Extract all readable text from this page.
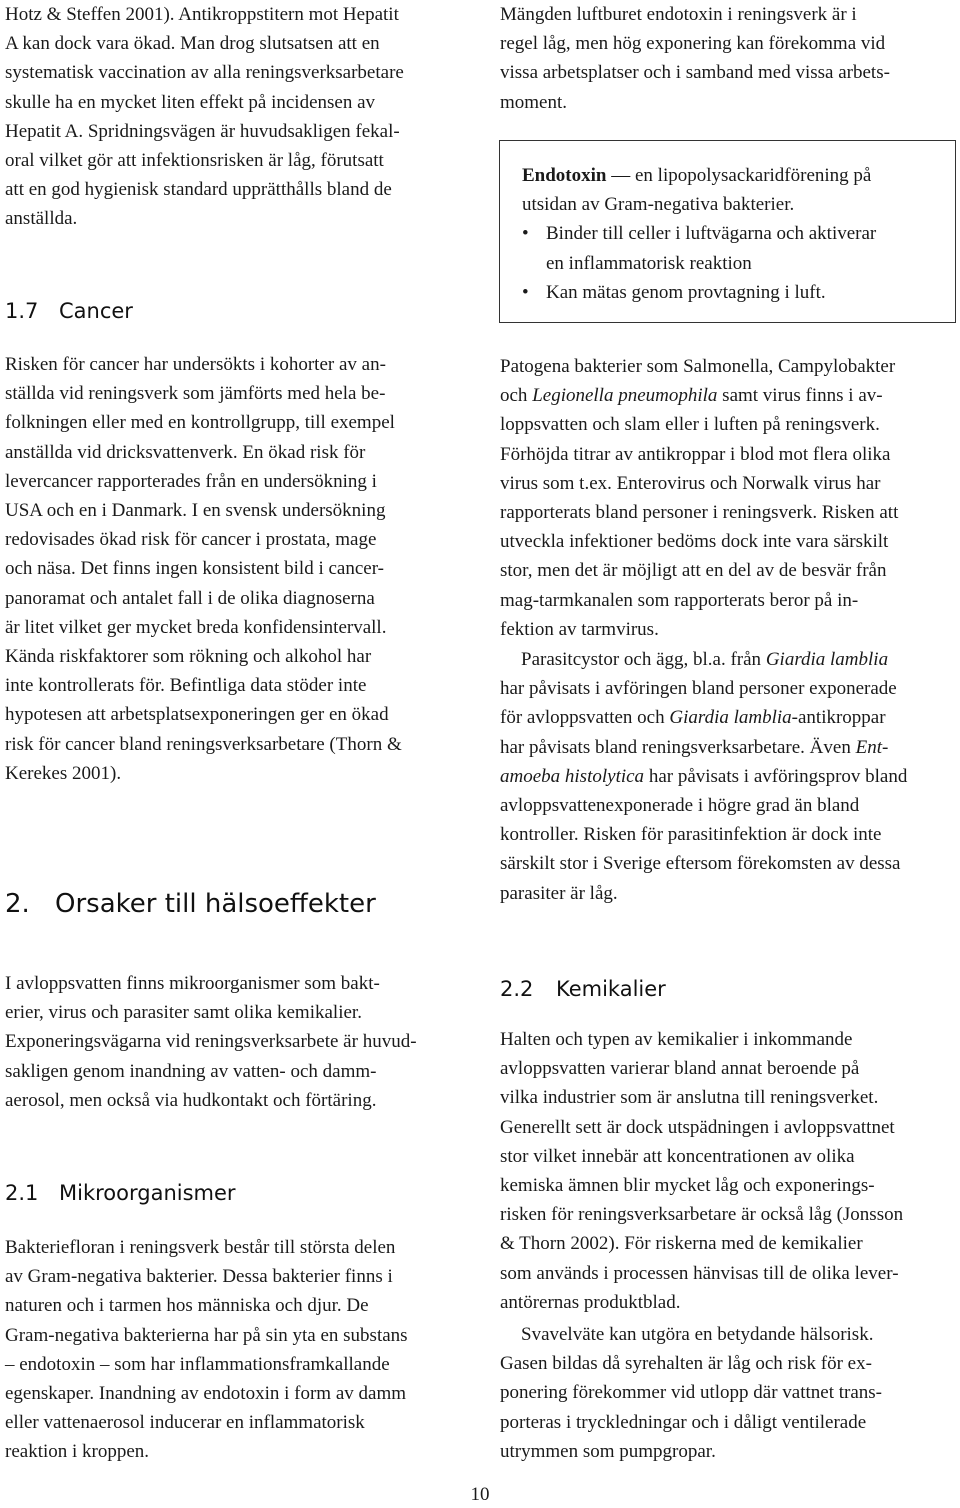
Hotz & Steffen 2001). Antikroppstitern mot Hepatit
A kan dock vara ökad. Man drog slutsatsen att en
systematisk vaccination av alla reningsverksarbetare
skulle ha en mycket liten effekt på incidensen av
Hepatit A. Spridningsvägen är huvudsakligen fekal-
oral vilket gör att infektionsrisken är låg, förutsatt
att en god hygienisk standard upprätthålls bland de
anställda.

1.7 Cancer

Risken för cancer har undersökts i kohorter av an-
ställda vid reningsverk som jämförts med hela be-
folkningen eller med en kontrollgrupp, till exempel
anställda vid dricksvattenverk. En ökad risk för
levercancer rapporterades från en undersökning i
USA och en i Danmark. I en svensk undersökning
redovisades ökad risk för cancer i prostata, mage
och näsa. Det finns ingen konsistent bild i cancer-
panoramat och antalet fall i de olika diagnoserna
är litet vilket ger mycket breda konfidensintervall.
Kända riskfaktorer som rökning och alkohol har
inte kontrollerats för. Befintliga data stöder inte
hypotesen att arbetsplatsexponeringen ger en ökad
risk för cancer bland reningsverksarbetare (Thorn &
Kerekes 2001).

2. Orsaker till hälsoeffekter

I avloppsvatten finns mikroorganismer som bakt-
erier, virus och parasiter samt olika kemikalier.
Exponeringsvägarna vid reningsverksarbete är huvud-
sakligen genom inandning av vatten- och damm-
aerosol, men också via hudkontakt och förtäring.

2.1 Mikroorganismer

Bakteriefloran i reningsverk består till största delen
av Gram-negativa bakterier. Dessa bakterier finns i
naturen och i tarmen hos människa och djur. De
Gram-negativa bakterierna har på sin yta en substans
– endotoxin – som har inflammationsframkallande
egenskaper. Inandning av endotoxin i form av damm
eller vattenaerosol inducerar en inflammatorisk
reaktion i kroppen.

Mängden luftburet endotoxin i reningsverk är i
regel låg, men hög exponering kan förekomma vid
vissa arbetsplatser och i samband med vissa arbets-
moment.

Endotoxin — en lipopolysackaridförening på

utsidan av Gram-negativa bakterier.

• Binder till celler i luftvägarna och aktiverar
en inflammatorisk reaktion
• Kan mätas genom provtagning i luft.

Patogena bakterier som Salmonella, Campylobakter
och Legionella pneumophila samt virus finns i av-
loppsvatten och slam eller i luften på reningsverk.
Förhöjda titrar av antikroppar i blod mot flera olika
virus som t.ex. Enterovirus och Norwalk virus har
rapporterats bland personer i reningsverk. Risken att
utveckla infektioner bedöms dock inte vara särskilt
stor, men det är möjligt att en del av de besvär från
mag-tarmkanalen som rapporterats beror på in-
fektion av tarmvirus.

Parasitcystor och ägg, bl.a. från Giardia lamblia
har påvisats i avföringen bland personer exponerade
för avloppsvatten och Giardia lamblia-antikroppar
har påvisats bland reningsverksarbetare. Även Ent-
amoeba histolytica har påvisats i avföringsprov bland
avloppsvattenexponerade i högre grad än bland
kontroller. Risken för parasitinfektion är dock inte
särskilt stor i Sverige eftersom förekomsten av dessa
parasiter är låg.

2.2 Kemikalier

Halten och typen av kemikalier i inkommande
avloppsvatten varierar bland annat beroende på
vilka industrier som är anslutna till reningsverket.
Generellt sett är dock utspädningen i avloppsvattnet
stor vilket innebär att koncentrationen av olika
kemiska ämnen blir mycket låg och exponerings-
risken för reningsverksarbetare är också låg (Jonsson
& Thorn 2002). För riskerna med de kemikalier
som används i processen hänvisas till de olika lever-
antörernas produktblad.

Svavelväte kan utgöra en betydande hälsorisk.
Gasen bildas då syrehalten är låg och risk för ex-
ponering förekommer vid utlopp där vattnet trans-
porteras i tryckledningar och i dåligt ventilerade
utrymmen som pumpgropar.

10
